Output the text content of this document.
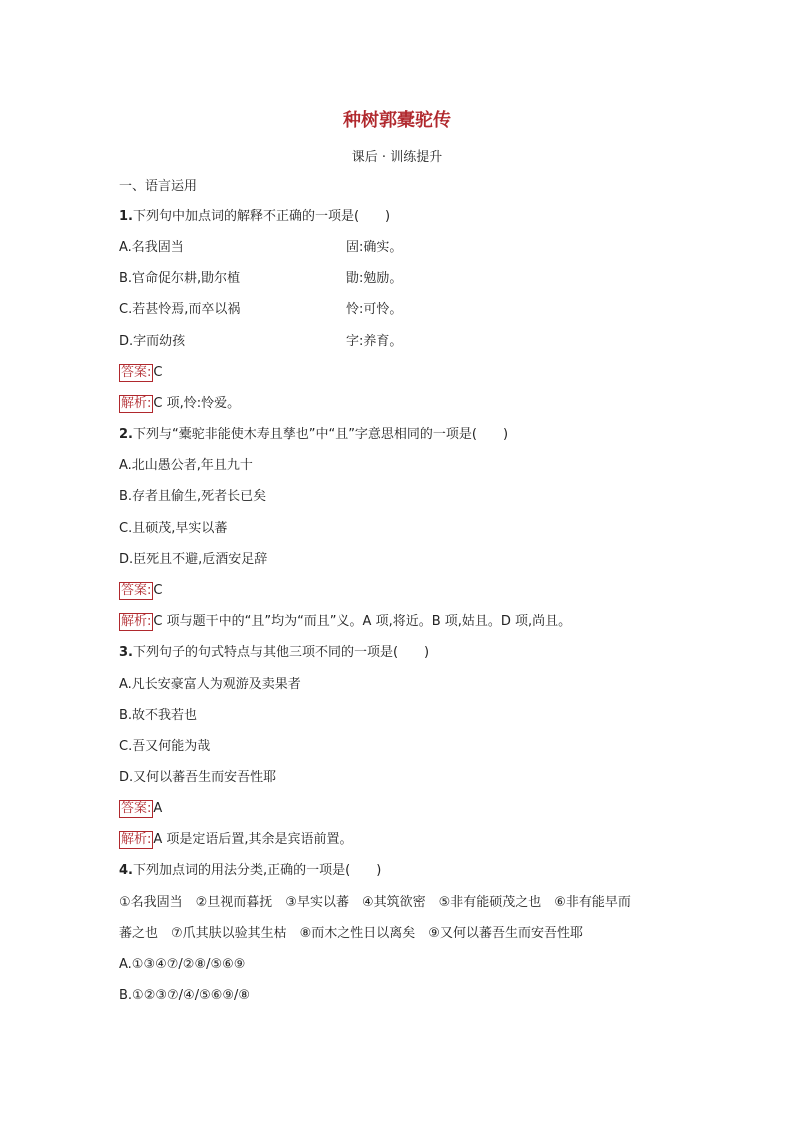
种树郭橐驼传
课后 · 训练提升
一、语言运用
1.下列句中加点词的解释不正确的一项是(　　)
A.名我固当	固:确实。
B.官命促尔耕,勖尔植	勖:勉励。
C.若甚怜焉,而卒以祸	怜:可怜。
D.字而幼孩	字:养育。
答案: C
解析: C 项,怜:怜爱。
2.下列与“橐驼非能使木寿且孳也”中“且”字意思相同的一项是(　　)
A.北山愚公者,年且九十
B.存者且偷生,死者长已矣
C.且硕茂,早实以蕃
D.臣死且不避,卮酒安足辞
答案: C
解析: C 项与题干中的“且”均为“而且”义。A 项,将近。B 项,姑且。D 项,尚且。
3.下列句子的句式特点与其他三项不同的一项是(　　)
A.凡长安豪富人为观游及卖果者
B.故不我若也
C.吾又何能为哉
D.又何以蕃吾生而安吾性耶
答案: A
解析: A 项是定语后置,其余是宾语前置。
4.下列加点词的用法分类,正确的一项是(　　)
①名我固当　②旦视而暮抚　③早实以蕃　④其筑欲密　⑤非有能硕茂之也　⑥非有能早而
蕃之也　⑦爪其肤以验其生枯　⑧而木之性日以离矣　⑨又何以蕃吾生而安吾性耶
A.①③④⑦/②⑧/⑤⑥⑨
B.①②③⑦/④/⑤⑥⑨/⑧
